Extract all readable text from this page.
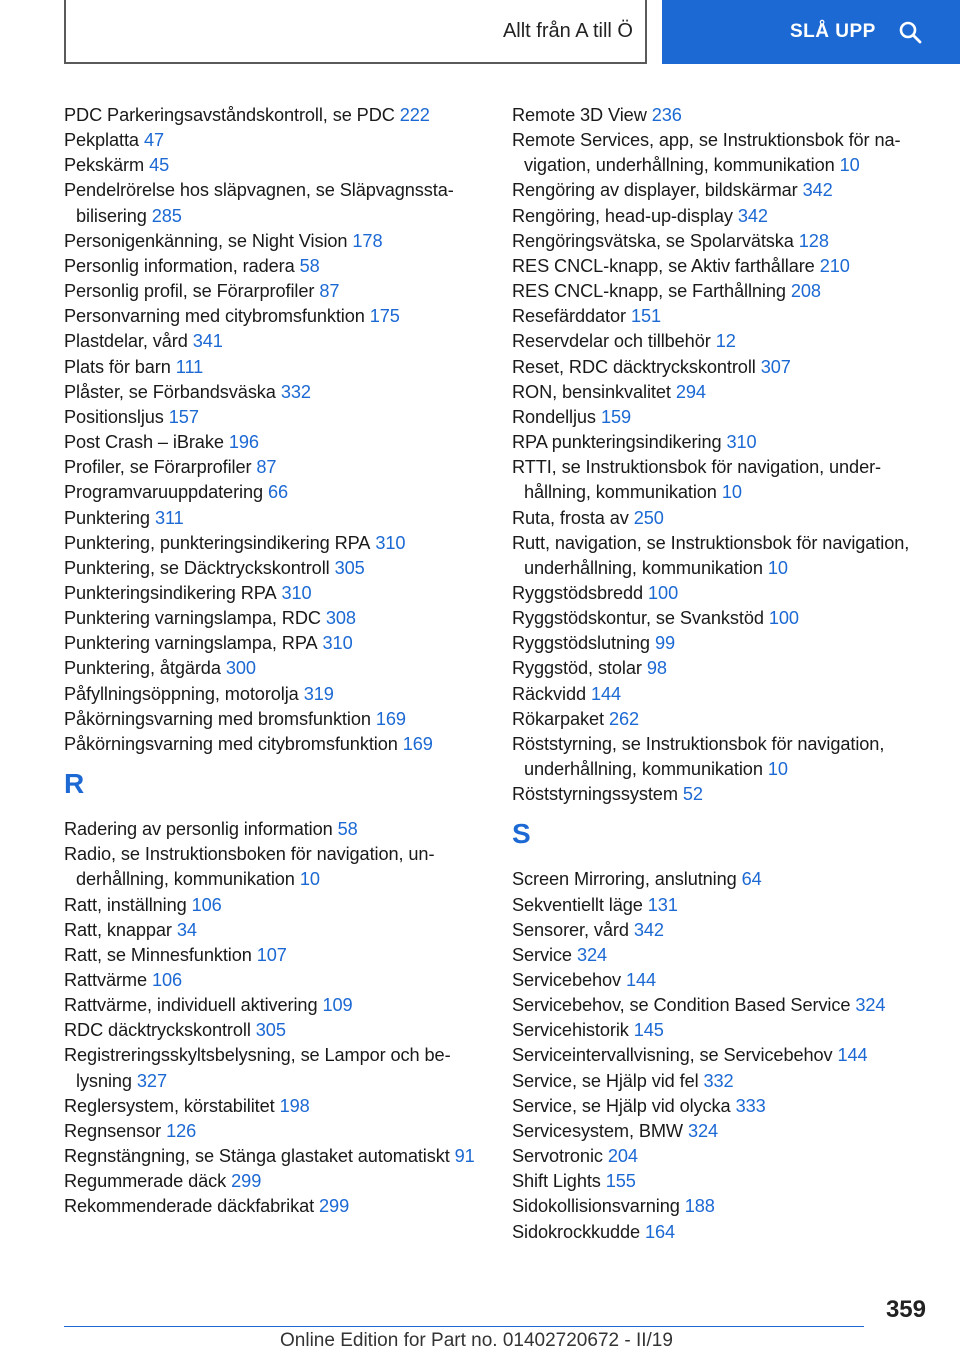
Allt från A till Ö	SLÅ UPP
PDC Parkeringsavståndskontroll, se PDC 222
Pekplatta 47
Pekskärm 45
Pendelrörelse hos släpvagnen, se Släpvagnsstabilisering 285
Personigenkänning, se Night Vision 178
Personlig information, radera 58
Personlig profil, se Förarprofiler 87
Personvarning med citybromsfunktion 175
Plastdelar, vård 341
Plats för barn 111
Plåster, se Förbandsväska 332
Positionsljus 157
Post Crash – iBrake 196
Profiler, se Förarprofiler 87
Programvaruuppdatering 66
Punktering 311
Punktering, punkteringsindikering RPA 310
Punktering, se Däcktryckskontroll 305
Punkteringsindikering RPA 310
Punktering varningslampa, RDC 308
Punktering varningslampa, RPA 310
Punktering, åtgärda 300
Påfyllningsöppning, motorolja 319
Påkörningsvarning med bromsfunktion 169
Påkörningsvarning med citybromsfunktion 169
R
Radering av personlig information 58
Radio, se Instruktionsboken för navigation, underhållning, kommunikation 10
Ratt, inställning 106
Ratt, knappar 34
Ratt, se Minnesfunktion 107
Rattvärme 106
Rattvärme, individuell aktivering 109
RDC däcktryckskontroll 305
Registreringsskyltsbelysning, se Lampor och belysning 327
Reglersystem, körstabilitet 198
Regnsensor 126
Regnstängning, se Stänga glastaket automatiskt 91
Regummerade däck 299
Rekommenderade däckfabrikat 299
Remote 3D View 236
Remote Services, app, se Instruktionsbok för navigation, underhållning, kommunikation 10
Rengöring av displayer, bildskärmar 342
Rengöring, head-up-display 342
Rengöringsvätska, se Spolarvätska 128
RES CNCL-knapp, se Aktiv farthållare 210
RES CNCL-knapp, se Farthållning 208
Resefärddator 151
Reservdelar och tillbehör 12
Reset, RDC däcktryckskontroll 307
RON, bensinkvalitet 294
Rondelljus 159
RPA punkteringsindikering 310
RTTI, se Instruktionsbok för navigation, underhållning, kommunikation 10
Ruta, frosta av 250
Rutt, navigation, se Instruktionsbok för navigation, underhållning, kommunikation 10
Ryggstödsbredd 100
Ryggstödskontur, se Svankstöd 100
Ryggstödslutning 99
Ryggstöd, stolar 98
Räckvidd 144
Rökarpaket 262
Röststyrning, se Instruktionsbok för navigation, underhållning, kommunikation 10
Röststyrningssystem 52
S
Screen Mirroring, anslutning 64
Sekventiellt läge 131
Sensorer, vård 342
Service 324
Servicebehov 144
Servicebehov, se Condition Based Service 324
Servicehistorik 145
Serviceintervallvisning, se Servicebehov 144
Service, se Hjälp vid fel 332
Service, se Hjälp vid olycka 333
Servicesystem, BMW 324
Servotronic 204
Shift Lights 155
Sidokollisionsvarning 188
Sidokrockkudde 164
359
Online Edition for Part no. 01402720672 - II/19
